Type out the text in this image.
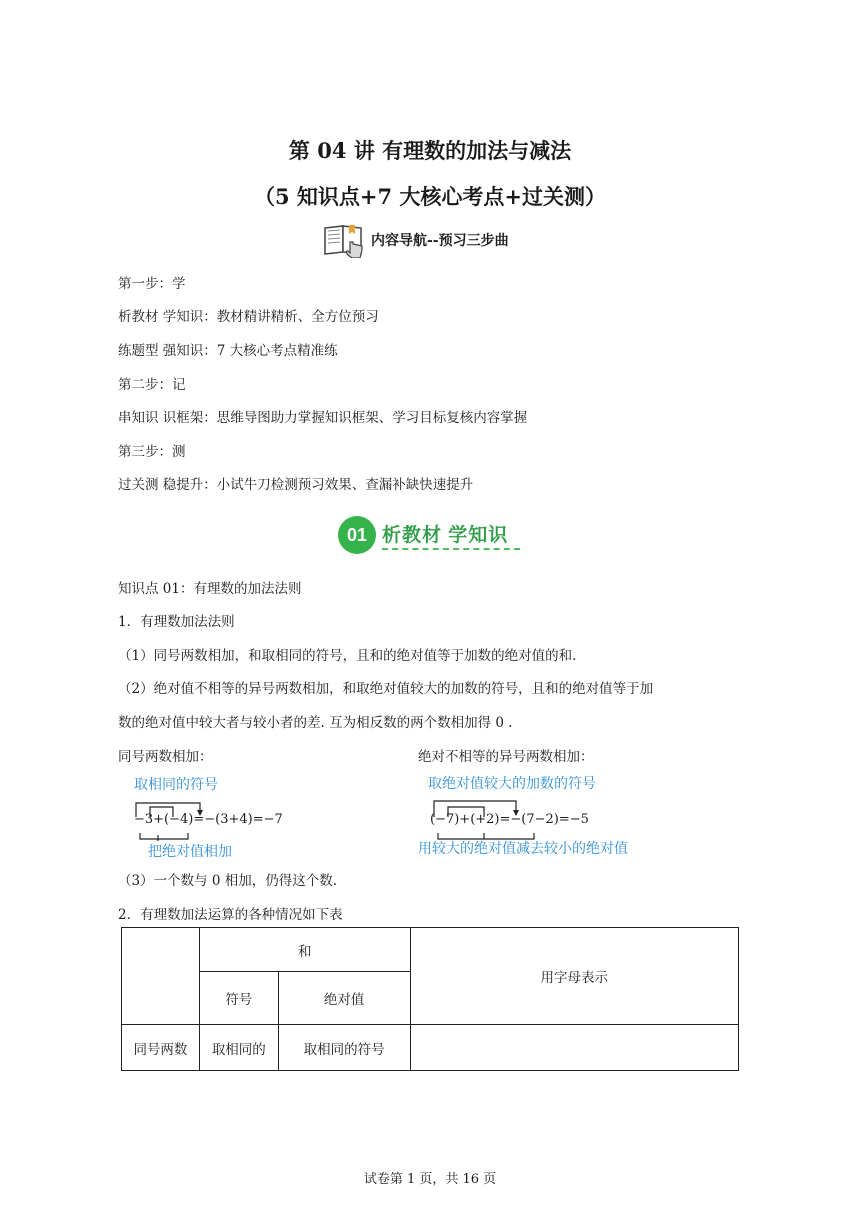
第 04 讲 有理数的加法与减法
（5 知识点+7 大核心考点+过关测）
内容导航--预习三步曲
第一步：学
析教材 学知识：教材精讲精析、全方位预习
练题型 强知识：7 大核心考点精准练
第二步：记
串知识 识框架：思维导图助力掌握知识框架、学习目标复核内容掌握
第三步：测
过关测 稳提升：小试牛刀检测预习效果、查漏补缺快速提升
01 析教材 学知识
知识点 01：有理数的加法法则
1．有理数加法法则
（1）同号两数相加，和取相同的符号，且和的绝对值等于加数的绝对值的和.
（2）绝对值不相等的异号两数相加，和取绝对值较大的加数的符号，且和的绝对值等于加
数的绝对值中较大者与较小者的差. 互为相反数的两个数相加得 0 .
同号两数相加：	绝对不相等的异号两数相加：
取相同的符号
−3+(−4)=−(3+4)=−7
把绝对值相加
取绝对值较大的加数的符号
(−7)+(+2)=−(7−2)=−5
用较大的绝对值减去较小的绝对值
（3）一个数与 0 相加，仍得这个数.
2．有理数加法运算的各种情况如下表
	和		用字母表示
	符号	绝对值	
同号两数	取相同的	取相同的符号	
试卷第 1 页，共 16 页
